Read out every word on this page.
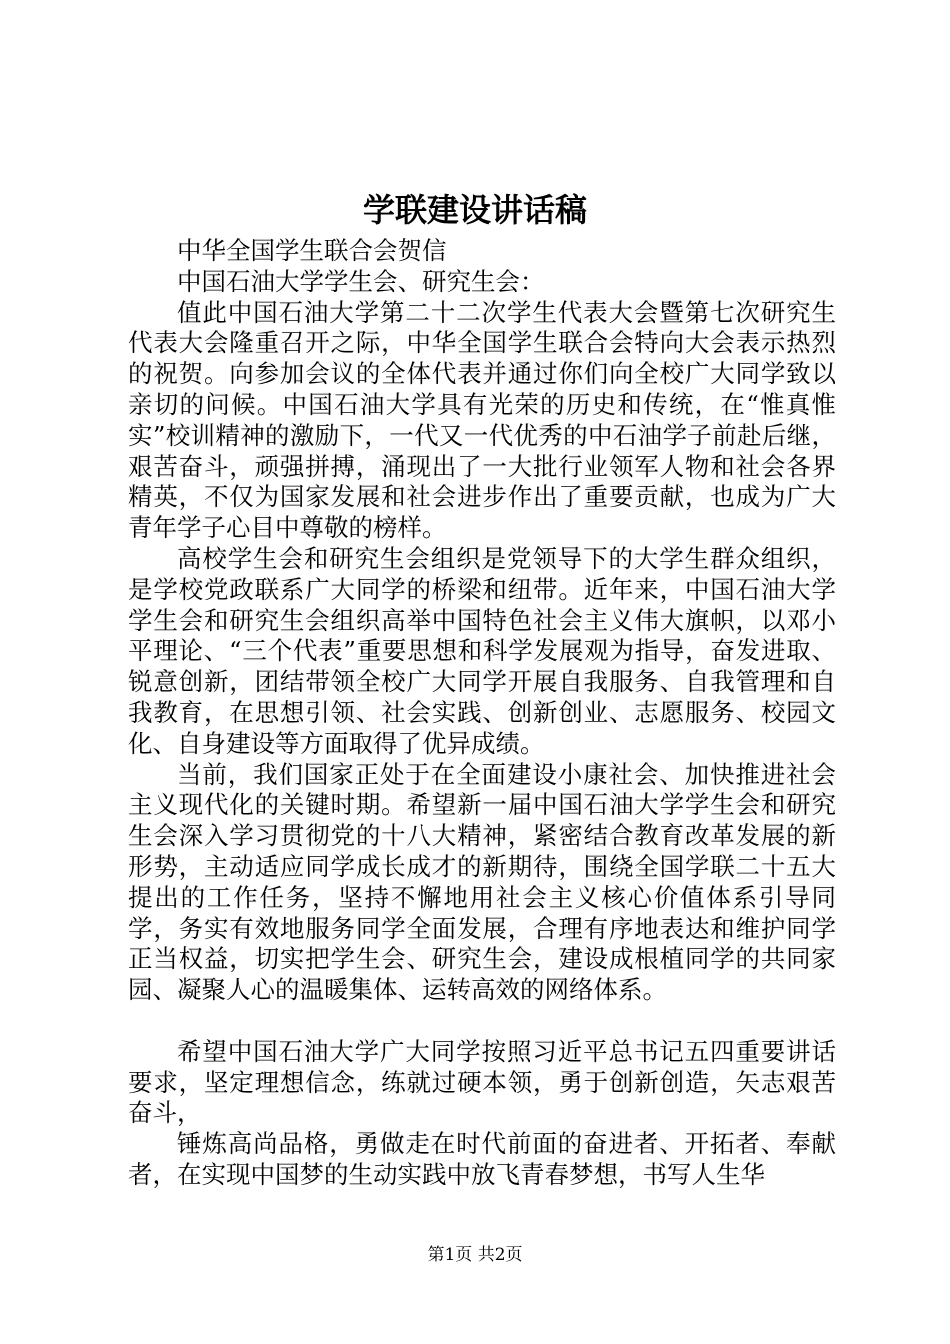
学联建设讲话稿

中华全国学生联合会贺信

中国石油大学学生会、研究生会：

值此中国石油大学第二十二次学生代表大会暨第七次研究生代表大会隆重召开之际，中华全国学生联合会特向大会表示热烈的祝贺。向参加会议的全体代表并通过你们向全校广大同学致以亲切的问候。中国石油大学具有光荣的历史和传统，在“惟真惟实”校训精神的激励下，一代又一代优秀的中石油学子前赴后继，艰苦奋斗，顽强拼搏，涌现出了一大批行业领军人物和社会各界精英，不仅为国家发展和社会进步作出了重要贡献，也成为广大青年学子心目中尊敬的榜样。

高校学生会和研究生会组织是党领导下的大学生群众组织，是学校党政联系广大同学的桥梁和纽带。近年来，中国石油大学学生会和研究生会组织高举中国特色社会主义伟大旗帜，以邓小平理论、“三个代表”重要思想和科学发展观为指导，奋发进取、锐意创新，团结带领全校广大同学开展自我服务、自我管理和自我教育，在思想引领、社会实践、创新创业、志愿服务、校园文化、自身建设等方面取得了优异成绩。

当前，我们国家正处于在全面建设小康社会、加快推进社会主义现代化的关键时期。希望新一届中国石油大学学生会和研究生会深入学习贯彻党的十八大精神，紧密结合教育改革发展的新形势，主动适应同学成长成才的新期待，围绕全国学联二十五大提出的工作任务，坚持不懈地用社会主义核心价值体系引导同学，务实有效地服务同学全面发展，合理有序地表达和维护同学正当权益，切实把学生会、研究生会，建设成根植同学的共同家园、凝聚人心的温暖集体、运转高效的网络体系。

希望中国石油大学广大同学按照习近平总书记五四重要讲话要求，坚定理想信念，练就过硬本领，勇于创新创造，矢志艰苦奋斗，

锤炼高尚品格，勇做走在时代前面的奋进者、开拓者、奉献者，在实现中国梦的生动实践中放飞青春梦想，书写人生华

第1页 共2页
